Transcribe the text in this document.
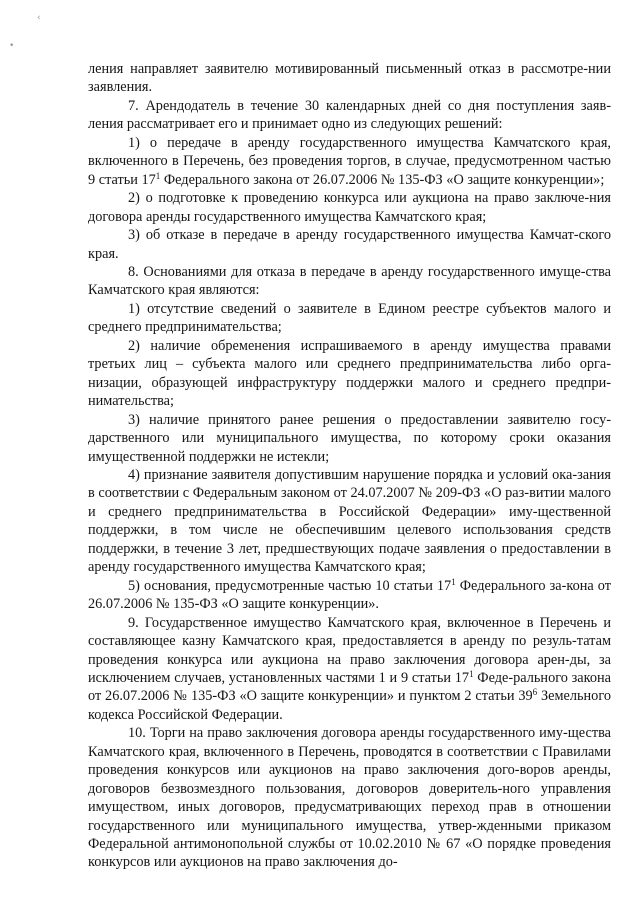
‹
•

ления направляет заявителю мотивированный письменный отказ в рассмотре-нии заявления.

7. Арендодатель в течение 30 календарных дней со дня поступления заяв-ления рассматривает его и принимает одно из следующих решений:

1) о передаче в аренду государственного имущества Камчатского края, включенного в Перечень, без проведения торгов, в случае, предусмотренном частью 9 статьи $17^1$ Федерального закона от 26.07.2006 № 135-ФЗ «О защите конкуренции»;

2) о подготовке к проведению конкурса или аукциона на право заключе-ния договора аренды государственного имущества Камчатского края;

3) об отказе в передаче в аренду государственного имущества Камчат-ского края.

8. Основаниями для отказа в передаче в аренду государственного имуще-ства Камчатского края являются:

1) отсутствие сведений о заявителе в Едином реестре субъектов малого и среднего предпринимательства;

2) наличие обременения испрашиваемого в аренду имущества правами третьих лиц – субъекта малого или среднего предпринимательства либо орга-низации, образующей инфраструктуру поддержки малого и среднего предпри-нимательства;

3) наличие принятого ранее решения о предоставлении заявителю госу-дарственного или муниципального имущества, по которому сроки оказания имущественной поддержки не истекли;

4) признание заявителя допустившим нарушение порядка и условий ока-зания в соответствии с Федеральным законом от 24.07.2007 № 209-ФЗ «О раз-витии малого и среднего предпринимательства в Российской Федерации» иму-щественной поддержки, в том числе не обеспечившим целевого использования средств поддержки, в течение 3 лет, предшествующих подаче заявления о предоставлении в аренду государственного имущества Камчатского края;

5) основания, предусмотренные частью 10 статьи $17^1$ Федерального за-кона от 26.07.2006 № 135-ФЗ «О защите конкуренции».

9. Государственное имущество Камчатского края, включенное в Перечень и составляющее казну Камчатского края, предоставляется в аренду по резуль-татам проведения конкурса или аукциона на право заключения договора арен-ды, за исключением случаев, установленных частями 1 и 9 статьи $17^1$ Феде-рального закона от 26.07.2006 № 135-ФЗ «О защите конкуренции» и пунктом 2 статьи $39^6$ Земельного кодекса Российской Федерации.

10. Торги на право заключения договора аренды государственного иму-щества Камчатского края, включенного в Перечень, проводятся в соответствии с Правилами проведения конкурсов или аукционов на право заключения дого-воров аренды, договоров безвозмездного пользования, договоров доверитель-ного управления имуществом, иных договоров, предусматривающих переход прав в отношении государственного или муниципального имущества, утвер-жденными приказом Федеральной антимонопольной службы от 10.02.2010 № 67 «О порядке проведения конкурсов или аукционов на право заключения до-
